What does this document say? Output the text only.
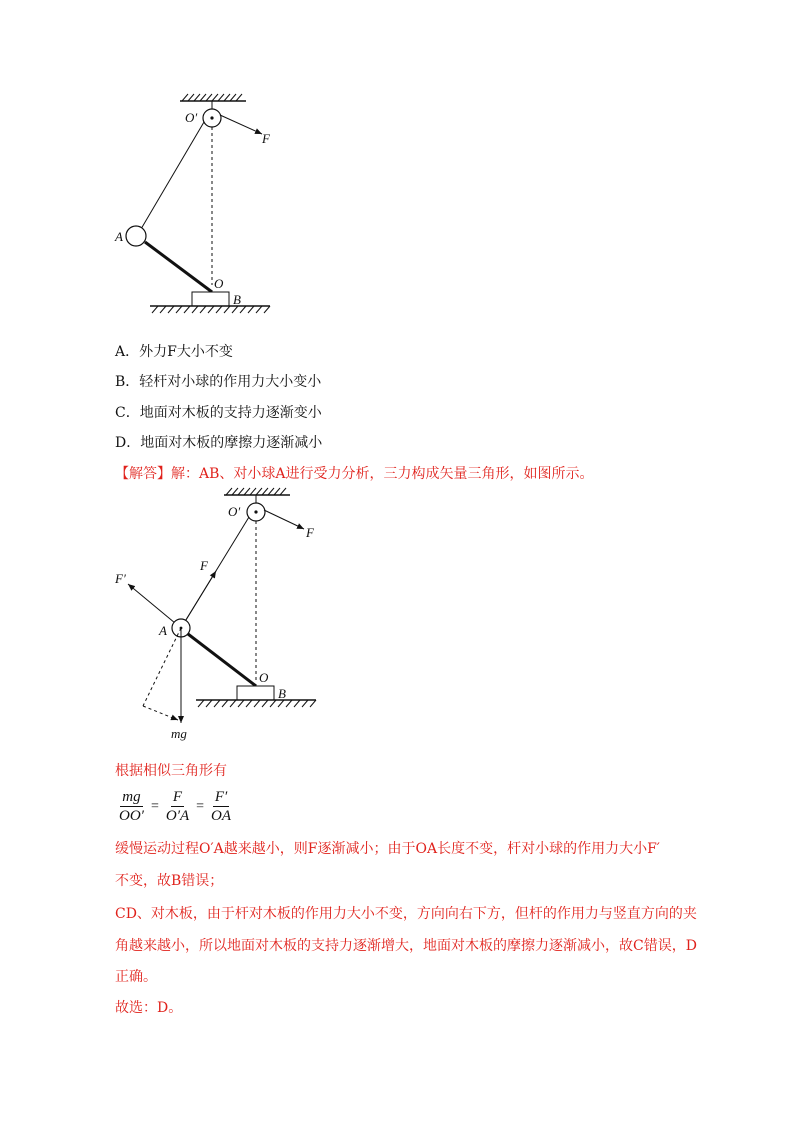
O′
F
A
O
B
A．外力F大小不变
B．轻杆对小球的作用力大小变小
C．地面对木板的支持力逐渐变小
D．地面对木板的摩擦力逐渐减小
【解答】解：AB、对小球A进行受力分析，三力构成矢量三角形，如图所示。
O′
F
F
F′
A
O
B
mg
根据相似三角形有
$\frac{mg}{OO'} = \frac{F}{O'A} = \frac{F'}{OA}$
缓慢运动过程O′A越来越小，则F逐渐减小；由于OA长度不变，杆对小球的作用力大小F′
不变，故B错误；
CD、对木板，由于杆对木板的作用力大小不变，方向向右下方，但杆的作用力与竖直方向的夹
角越来越小，所以地面对木板的支持力逐渐增大，地面对木板的摩擦力逐渐减小，故C错误，D
正确。
故选：D。
